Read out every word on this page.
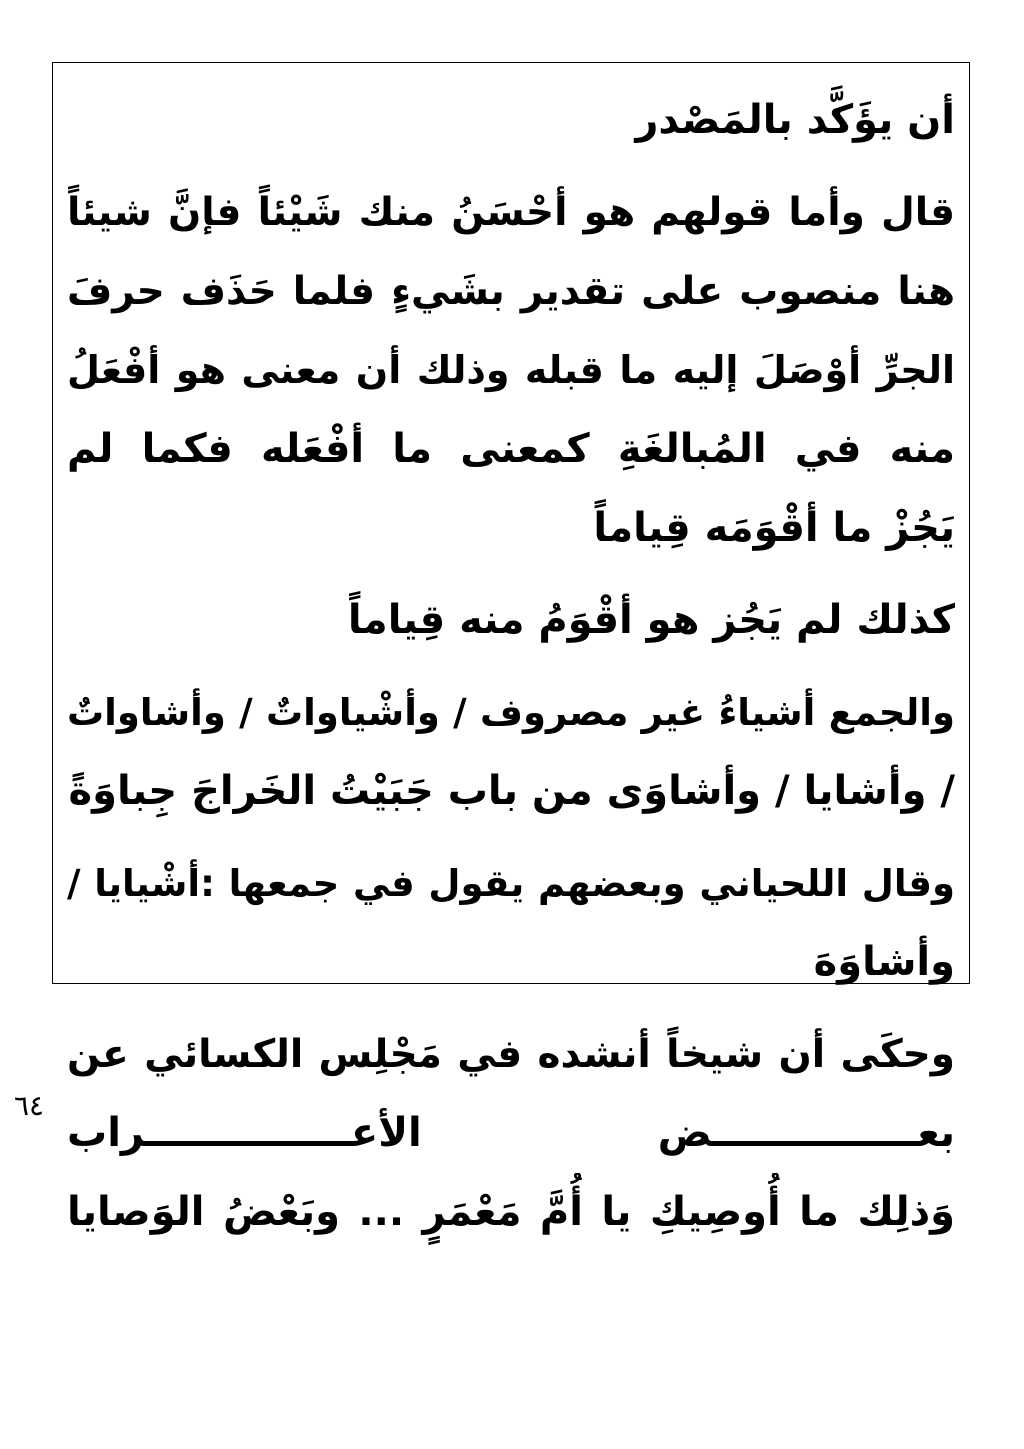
أن يؤَكَّد بالمَصْدر
قال وأما قولهم هو أحْسَنُ منك شَيْئاً فإنَّ شيئاً
هنا منصوب على تقدير بشَيءٍ فلما حَذَف حرفَ
الجرِّ أوْصَلَ إليه ما قبله وذلك أن معنى هو أفْعَلُ
منه في المُبالغَةِ كمعنى ما أفْعَله فكما لم
يَجُزْ ما أقْوَمَه قِياماً
كذلك لم يَجُز هو أقْوَمُ منه قِياماً
والجمع أشياءُ غير مصروف / وأشْياواتٌ / وأشاواتٌ
/ وأشايا / وأشاوَى من باب جَبَيْتُ الخَراجَ جِباوَةً
وقال اللحياني وبعضهم يقول في جمعها :أشْيايا /
وأشاوَهَ
وحكَى أن شيخاً أنشده في مَجْلِس الكسائي عن
بعـــــــــــــــض الأعـــــــــــــــراب
وَذلِك ما أُوصِيكِ يا أُمَّ مَعْمَرٍ ... وبَعْضُ الوَصايا
٦٤
